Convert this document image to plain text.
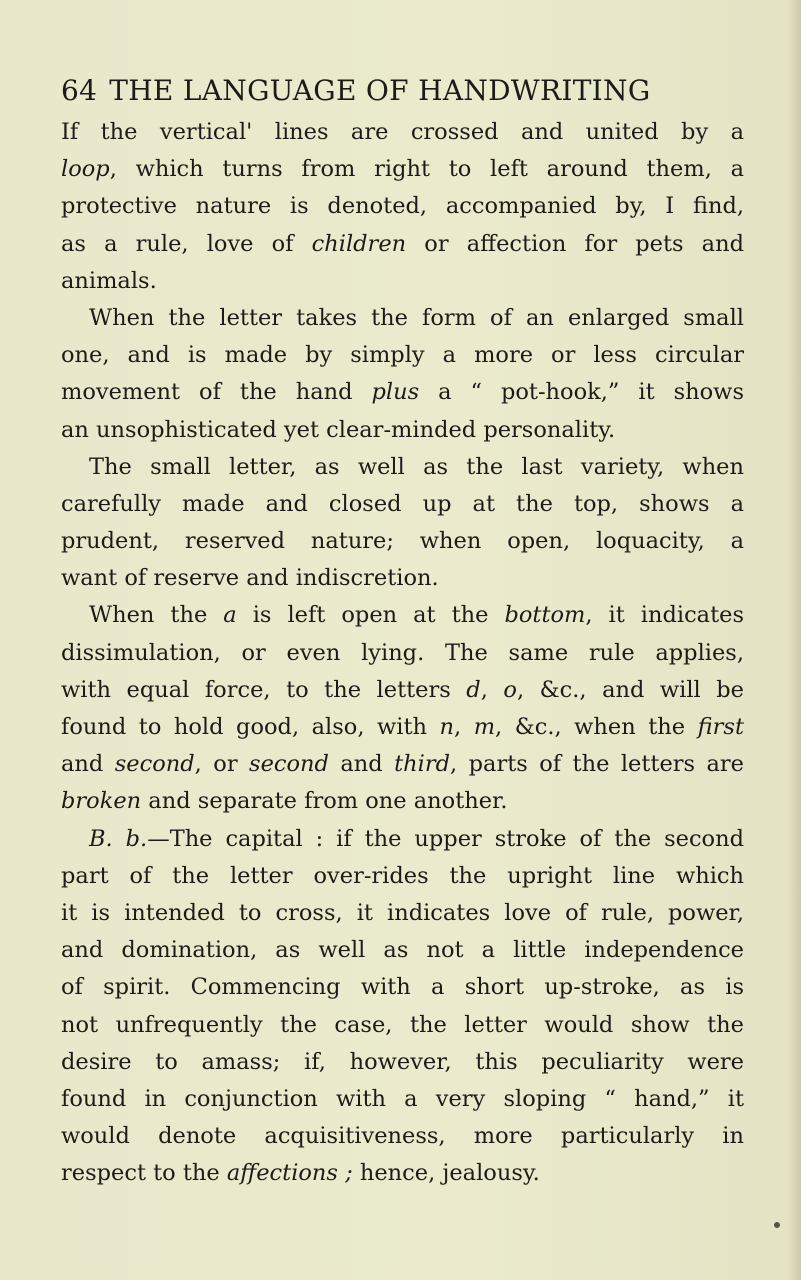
64 THE LANGUAGE OF HANDWRITING
If the vertical' lines are crossed and united by a
loop, which turns from right to left around them, a
protective nature is denoted, accompanied by, I find,
as a rule, love of children or affection for pets and
animals.
When the letter takes the form of an enlarged small
one, and is made by simply a more or less circular
movement of the hand plus a “ pot-hook,” it shows
an unsophisticated yet clear-minded personality.
The small letter, as well as the last variety, when
carefully made and closed up at the top, shows a
prudent, reserved nature; when open, loquacity, a
want of reserve and indiscretion.
When the a is left open at the bottom, it indicates
dissimulation, or even lying. The same rule applies,
with equal force, to the letters d, o, &c., and will be
found to hold good, also, with n, m, &c., when the first
and second, or second and third, parts of the letters are
broken and separate from one another.
B. b.—The capital : if the upper stroke of the second
part of the letter over-rides the upright line which
it is intended to cross, it indicates love of rule, power,
and domination, as well as not a little independence
of spirit. Commencing with a short up-stroke, as is
not unfrequently the case, the letter would show the
desire to amass; if, however, this peculiarity were
found in conjunction with a very sloping “ hand,” it
would denote acquisitiveness, more particularly in
respect to the affections ; hence, jealousy.
